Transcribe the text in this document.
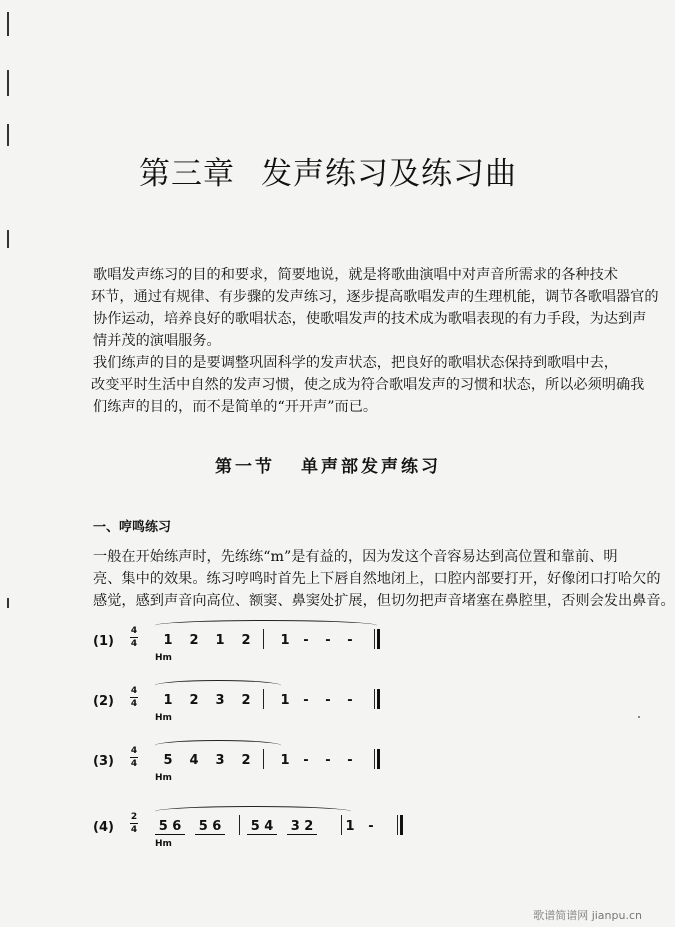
第三章 发声练习及练习曲
歌唱发声练习的目的和要求，简要地说，就是将歌曲演唱中对声音所需求的各种技术
环节，通过有规律、有步骤的发声练习，逐步提高歌唱发声的生理机能，调节各歌唱器官的
协作运动，培养良好的歌唱状态，使歌唱发声的技术成为歌唱表现的有力手段，为达到声
情并茂的演唱服务。
我们练声的目的是要调整巩固科学的发声状态，把良好的歌唱状态保持到歌唱中去，
改变平时生活中自然的发声习惯，使之成为符合歌唱发声的习惯和状态，所以必须明确我
们练声的目的，而不是简单的“开开声”而已。
第一节 单声部发声练习
一、哼鸣练习
一般在开始练声时，先练练“m”是有益的，因为发这个音容易达到高位置和靠前、明
亮、集中的效果。练习哼鸣时首先上下唇自然地闭上，口腔内部要打开，好像闭口打哈欠的
感觉，感到声音向高位、额窦、鼻窦处扩展，但切勿把声音堵塞在鼻腔里，否则会发出鼻音。
(1)
4
4	1 2 1 2 1 - - -
Hm
(2)
4
4	1 2 3 2 1 - - -
Hm
(3)
4
4	5 4 3 2 1 - - -
Hm
(4)
2
4 5 6 5 6 5 4 3 2 1 -
Hm
歌谱简谱网 jianpu.cn
